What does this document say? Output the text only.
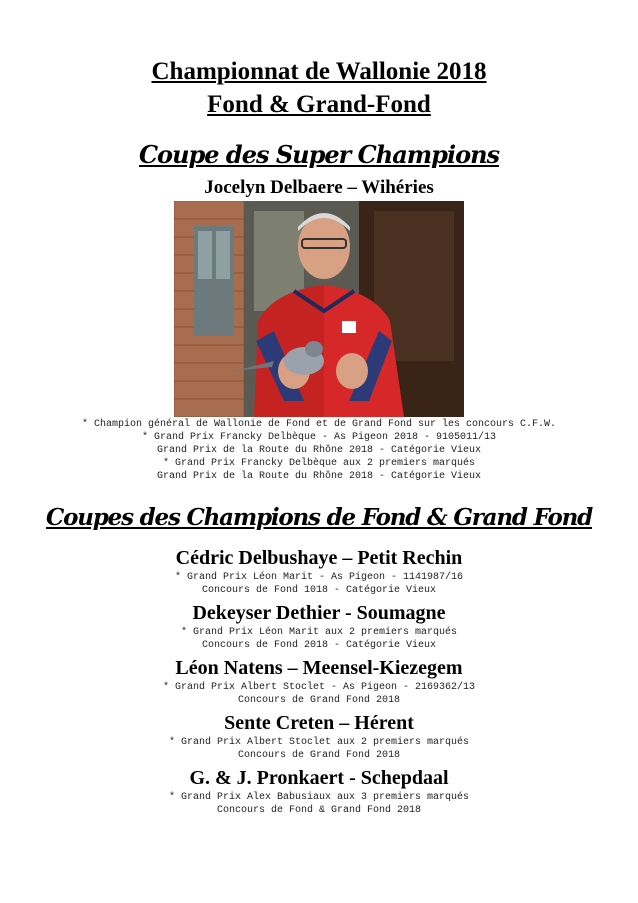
Championnat de Wallonie 2018
Fond & Grand-Fond
Coupe des Super Champions
Jocelyn Delbaere – Wihéries
* Champion général de Wallonie de Fond et de Grand Fond sur les concours C.F.W.
* Grand Prix Francky Delbèque - As Pigeon 2018 - 9105011/13
Grand Prix de la Route du Rhône 2018 - Catégorie Vieux
* Grand Prix Francky Delbèque aux 2 premiers marqués
Grand Prix de la Route du Rhône 2018 - Catégorie Vieux
Coupes des Champions de Fond & Grand Fond
Cédric Delbushaye – Petit Rechin
* Grand Prix Léon Marit - As Pigeon - 1141987/16
Concours de Fond 1018 - Catégorie Vieux
Dekeyser Dethier - Soumagne
* Grand Prix Léon Marit aux 2 premiers marqués
Concours de Fond 2018 - Catégorie Vieux
Léon Natens – Meensel-Kiezegem
* Grand Prix Albert Stoclet - As Pigeon - 2169362/13
Concours de Grand Fond 2018
Sente Creten – Hérent
* Grand Prix Albert Stoclet aux 2 premiers marqués
Concours de Grand Fond 2018
G. & J. Pronkaert - Schepdaal
* Grand Prix Alex Babusiaux aux 3 premiers marqués
Concours de Fond & Grand Fond 2018
